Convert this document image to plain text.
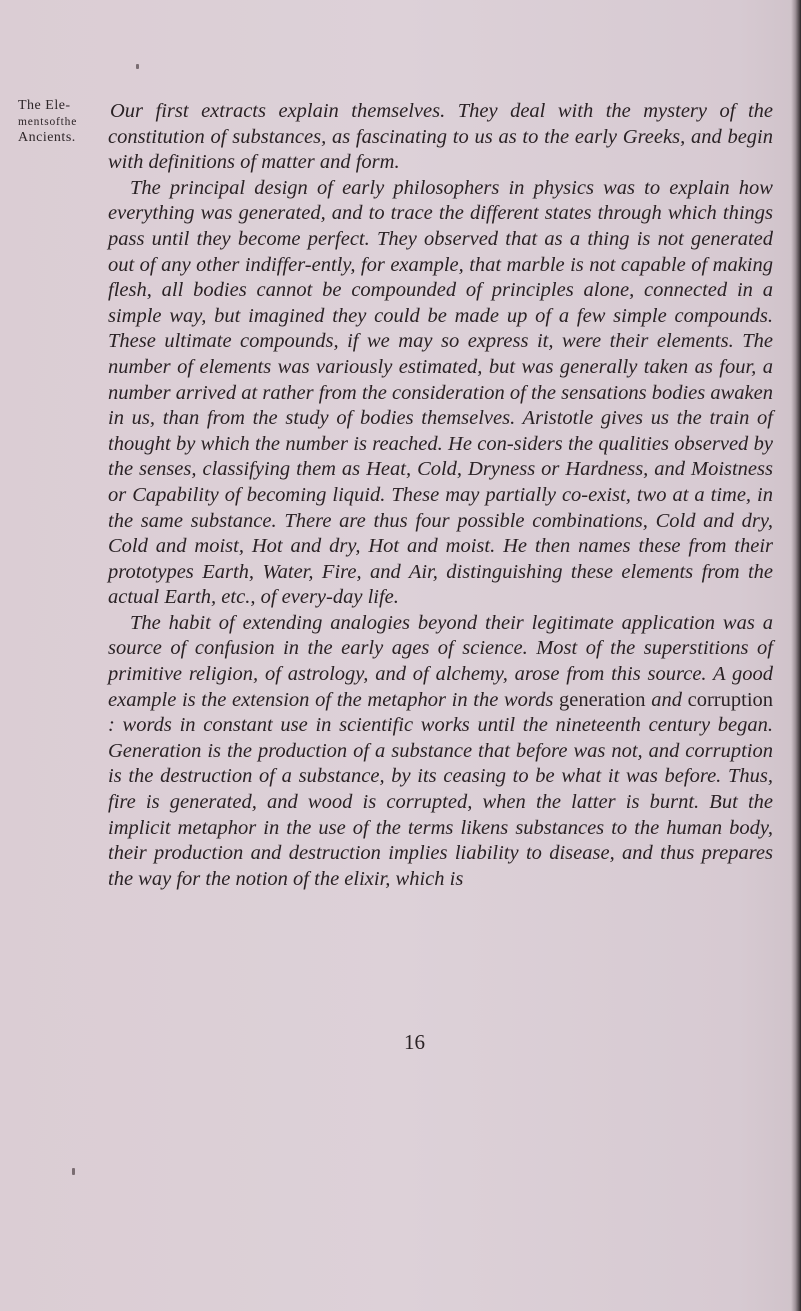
The Ele-
mentsofthe
Ancients.

Our first extracts explain themselves. They deal with the mystery of the constitution of substances, as fascinating to us as to the early Greeks, and begin with definitions of matter and form.

The principal design of early philosophers in physics was to explain how everything was generated, and to trace the different states through which things pass until they become perfect. They observed that as a thing is not generated out of any other indiffer-ently, for example, that marble is not capable of making flesh, all bodies cannot be compounded of principles alone, connected in a simple way, but imagined they could be made up of a few simple compounds. These ultimate compounds, if we may so express it, were their elements. The number of elements was variously estimated, but was generally taken as four, a number arrived at rather from the consideration of the sensations bodies awaken in us, than from the study of bodies themselves. Aristotle gives us the train of thought by which the number is reached. He con-siders the qualities observed by the senses, classifying them as Heat, Cold, Dryness or Hardness, and Moistness or Capability of becoming liquid. These may partially co-exist, two at a time, in the same substance. There are thus four possible combinations, Cold and dry, Cold and moist, Hot and dry, Hot and moist. He then names these from their prototypes Earth, Water, Fire, and Air, distinguishing these elements from the actual Earth, etc., of every-day life.

The habit of extending analogies beyond their legitimate application was a source of confusion in the early ages of science. Most of the superstitions of primitive religion, of astrology, and of alchemy, arose from this source. A good example is the extension of the metaphor in the words generation and corruption : words in constant use in scientific works until the nineteenth century began. Generation is the production of a substance that before was not, and corruption is the destruction of a substance, by its ceasing to be what it was before. Thus, fire is generated, and wood is corrupted, when the latter is burnt. But the implicit metaphor in the use of the terms likens substances to the human body, their production and destruction implies liability to disease, and thus prepares the way for the notion of the elixir, which is

16
